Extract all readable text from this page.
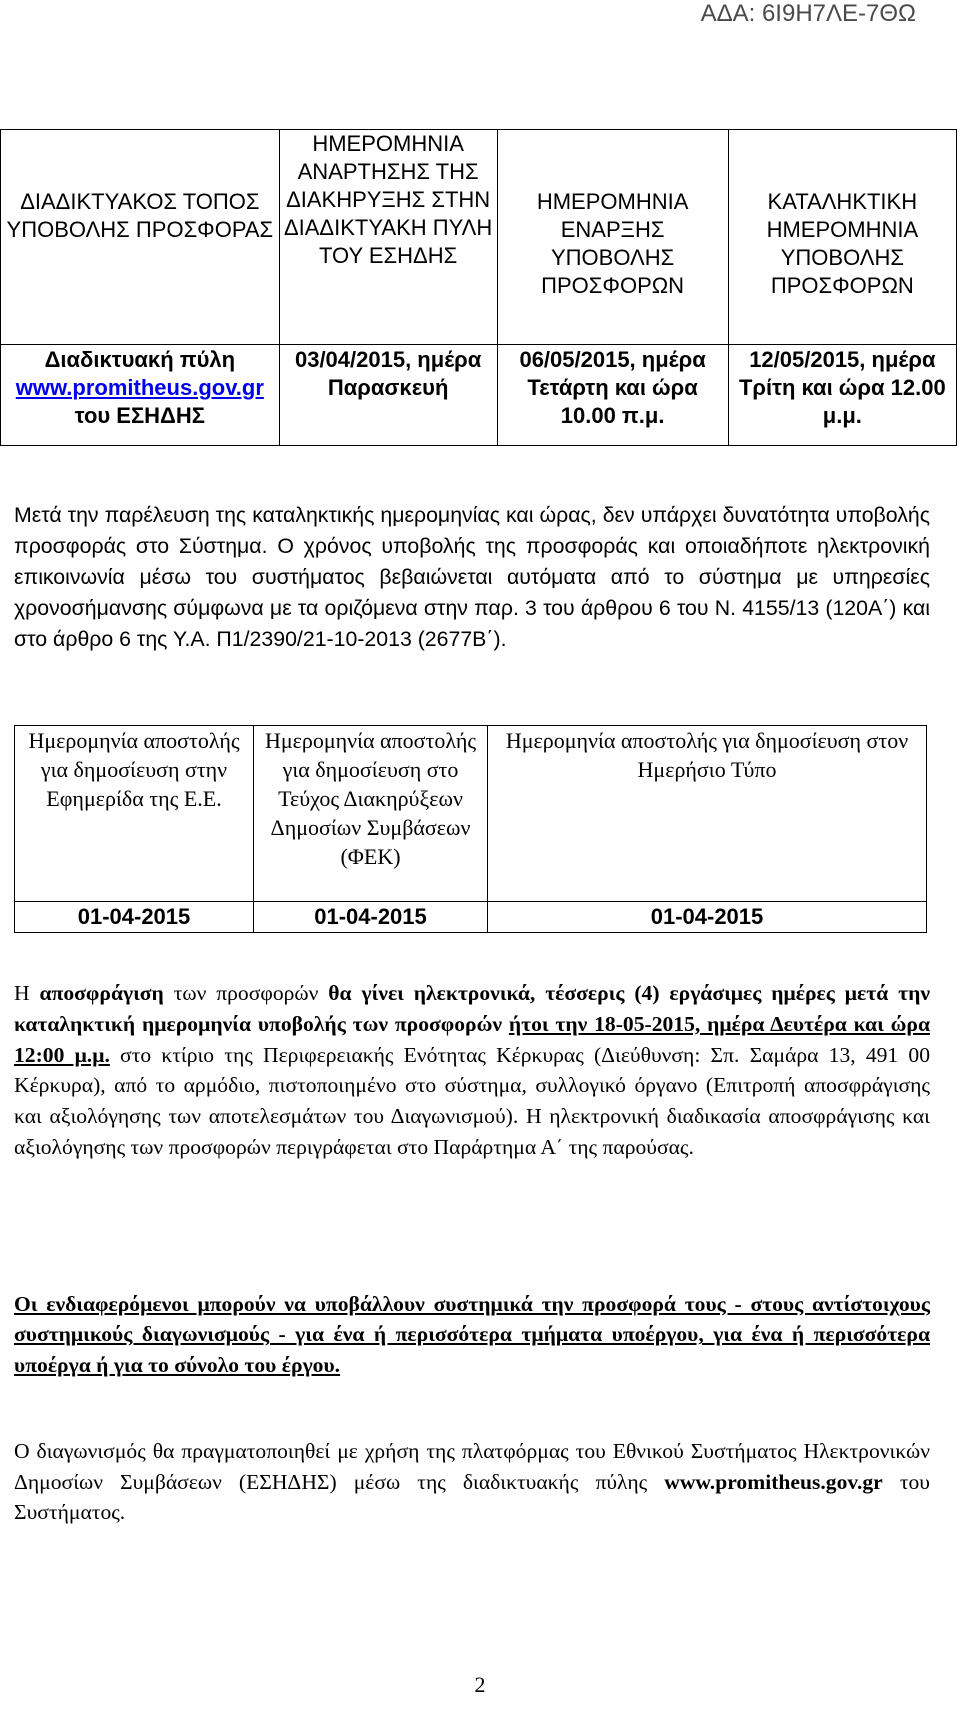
ΑΔΑ: 6Ι9Η7ΛΕ-7ΘΩ
ΔΙΑΔΙΚΤΥΑΚΟΣ ΤΟΠΟΣ ΥΠΟΒΟΛΗΣ ΠΡΟΣΦΟΡΑΣ	ΗΜΕΡΟΜΗΝΙΑ ΑΝΑΡΤΗΣΗΣ ΤΗΣ ΔΙΑΚΗΡΥΞΗΣ ΣΤΗΝ ΔΙΑΔΙΚΤΥΑΚΗ ΠΥΛΗ ΤΟΥ ΕΣΗΔΗΣ	ΗΜΕΡΟΜΗΝΙΑ ΕΝΑΡΞΗΣ ΥΠΟΒΟΛΗΣ ΠΡΟΣΦΟΡΩΝ	ΚΑΤΑΛΗΚΤΙΚΗ ΗΜΕΡΟΜΗΝΙΑ ΥΠΟΒΟΛΗΣ ΠΡΟΣΦΟΡΩΝ
Διαδικτυακή πύλη
www.promitheus.gov.gr
του ΕΣΗΔΗΣ	03/04/2015, ημέρα Παρασκευή	06/05/2015, ημέρα Τετάρτη και ώρα 10.00 π.μ.	12/05/2015, ημέρα Τρίτη και ώρα 12.00 μ.μ.

Μετά την παρέλευση της καταληκτικής ημερομηνίας και ώρας, δεν υπάρχει δυνατότητα υποβολής προσφοράς στο Σύστημα. Ο χρόνος υποβολής της προσφοράς και οποιαδήποτε ηλεκτρονική επικοινωνία μέσω του συστήματος βεβαιώνεται αυτόματα από το σύστημα με υπηρεσίες χρονοσήμανσης σύμφωνα με τα οριζόμενα στην παρ. 3 του άρθρου 6 του Ν. 4155/13 (120Α΄) και στο άρθρο 6 της Υ.Α. Π1/2390/21-10-2013 (2677Β΄).

Ημερομηνία αποστολής για δημοσίευση στην Εφημερίδα της Ε.Ε.	Ημερομηνία αποστολής για δημοσίευση στο Τεύχος Διακηρύξεων Δημοσίων Συμβάσεων (ΦΕΚ)	Ημερομηνία αποστολής για δημοσίευση στον Ημερήσιο Τύπο
01-04-2015	01-04-2015	01-04-2015

Η αποσφράγιση των προσφορών θα γίνει ηλεκτρονικά, τέσσερις (4) εργάσιμες ημέρες μετά την καταληκτική ημερομηνία υποβολής των προσφορών ήτοι την 18-05-2015, ημέρα Δευτέρα και ώρα 12:00 μ.μ. στο κτίριο της Περιφερειακής Ενότητας Κέρκυρας (Διεύθυνση: Σπ. Σαμάρα 13, 491 00 Κέρκυρα), από το αρμόδιο, πιστοποιημένο στο σύστημα, συλλογικό όργανο (Επιτροπή αποσφράγισης και αξιολόγησης των αποτελεσμάτων του Διαγωνισμού). Η ηλεκτρονική διαδικασία αποσφράγισης και αξιολόγησης των προσφορών περιγράφεται στο Παράρτημα Α΄ της παρούσας.

Οι ενδιαφερόμενοι μπορούν να υποβάλλουν συστημικά την προσφορά τους - στους αντίστοιχους συστημικούς διαγωνισμούς - για ένα ή περισσότερα τμήματα υποέργου, για ένα ή περισσότερα υποέργα ή για το σύνολο του έργου.

Ο διαγωνισμός θα πραγματοποιηθεί με χρήση της πλατφόρμας του Εθνικού Συστήματος Ηλεκτρονικών Δημοσίων Συμβάσεων (ΕΣΗΔΗΣ) μέσω της διαδικτυακής πύλης www.promitheus.gov.gr του Συστήματος.

2
